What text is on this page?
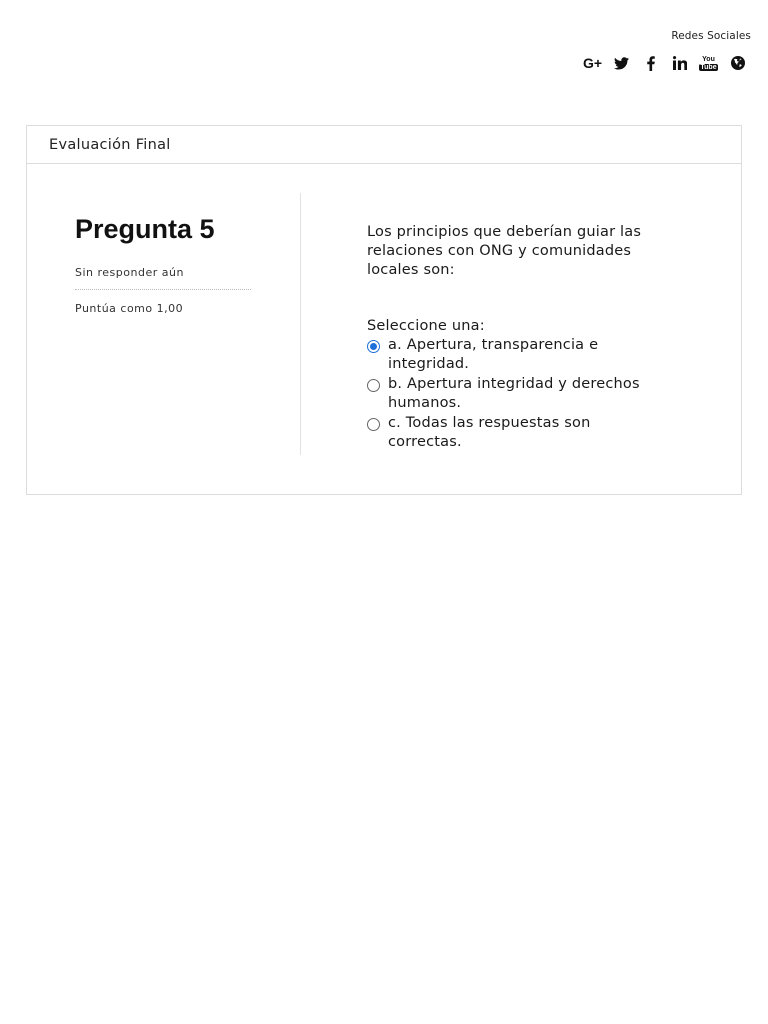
Redes Sociales
G+	You
Tube
Evaluación Final
Pregunta 5
Sin responder aún
Puntúa como 1,00
Los principios que deberían guiar las relaciones con ONG y comunidades locales son:
Seleccione una:
a. Apertura, transparencia e integridad.
b. Apertura integridad y derechos humanos.
c. Todas las respuestas son correctas.
